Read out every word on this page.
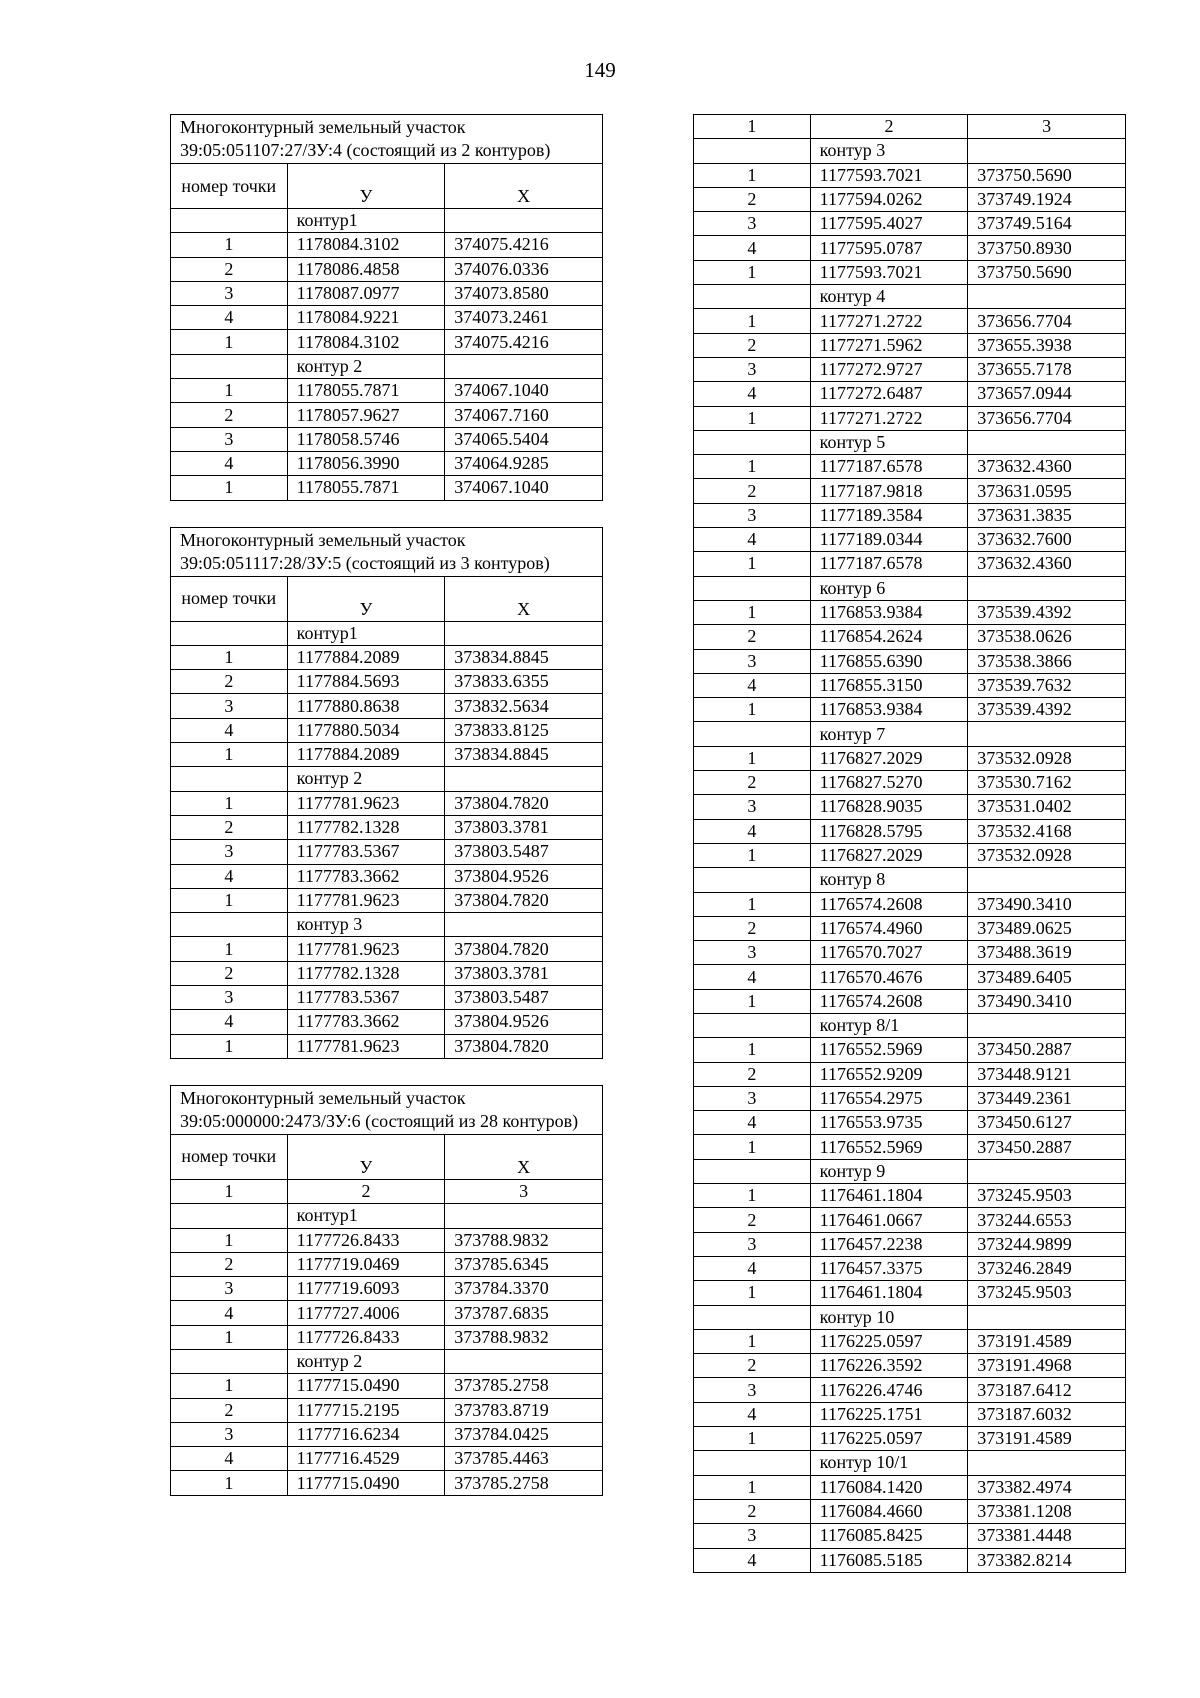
149
Многоконтурный земельный участок 39:05:051107:27/ЗУ:4 (состоящий из 2 контуров)		
номер точки	У	Х
	контур1	
1	1178084.3102	374075.4216
2	1178086.4858	374076.0336
3	1178087.0977	374073.8580
4	1178084.9221	374073.2461
1	1178084.3102	374075.4216
	контур 2	
1	1178055.7871	374067.1040
2	1178057.9627	374067.7160
3	1178058.5746	374065.5404
4	1178056.3990	374064.9285
1	1178055.7871	374067.1040
Многоконтурный земельный участок 39:05:051117:28/ЗУ:5 (состоящий из 3 контуров)		
номер точки	У	Х
	контур1	
1	1177884.2089	373834.8845
2	1177884.5693	373833.6355
3	1177880.8638	373832.5634
4	1177880.5034	373833.8125
1	1177884.2089	373834.8845
	контур 2	
1	1177781.9623	373804.7820
2	1177782.1328	373803.3781
3	1177783.5367	373803.5487
4	1177783.3662	373804.9526
1	1177781.9623	373804.7820
	контур 3	
1	1177781.9623	373804.7820
2	1177782.1328	373803.3781
3	1177783.5367	373803.5487
4	1177783.3662	373804.9526
1	1177781.9623	373804.7820
Многоконтурный земельный участок 39:05:000000:2473/ЗУ:6 (состоящий из 28 контуров)		
номер точки	У	Х
1	2	3
	контур1	
1	1177726.8433	373788.9832
2	1177719.0469	373785.6345
3	1177719.6093	373784.3370
4	1177727.4006	373787.6835
1	1177726.8433	373788.9832
	контур 2	
1	1177715.0490	373785.2758
2	1177715.2195	373783.8719
3	1177716.6234	373784.0425
4	1177716.4529	373785.4463
1	1177715.0490	373785.2758
1	2	3
	контур 3	
1	1177593.7021	373750.5690
2	1177594.0262	373749.1924
3	1177595.4027	373749.5164
4	1177595.0787	373750.8930
1	1177593.7021	373750.5690
	контур 4	
1	1177271.2722	373656.7704
2	1177271.5962	373655.3938
3	1177272.9727	373655.7178
4	1177272.6487	373657.0944
1	1177271.2722	373656.7704
	контур 5	
1	1177187.6578	373632.4360
2	1177187.9818	373631.0595
3	1177189.3584	373631.3835
4	1177189.0344	373632.7600
1	1177187.6578	373632.4360
	контур 6	
1	1176853.9384	373539.4392
2	1176854.2624	373538.0626
3	1176855.6390	373538.3866
4	1176855.3150	373539.7632
1	1176853.9384	373539.4392
	контур 7	
1	1176827.2029	373532.0928
2	1176827.5270	373530.7162
3	1176828.9035	373531.0402
4	1176828.5795	373532.4168
1	1176827.2029	373532.0928
	контур 8	
1	1176574.2608	373490.3410
2	1176574.4960	373489.0625
3	1176570.7027	373488.3619
4	1176570.4676	373489.6405
1	1176574.2608	373490.3410
	контур 8/1	
1	1176552.5969	373450.2887
2	1176552.9209	373448.9121
3	1176554.2975	373449.2361
4	1176553.9735	373450.6127
1	1176552.5969	373450.2887
	контур 9	
1	1176461.1804	373245.9503
2	1176461.0667	373244.6553
3	1176457.2238	373244.9899
4	1176457.3375	373246.2849
1	1176461.1804	373245.9503
	контур 10	
1	1176225.0597	373191.4589
2	1176226.3592	373191.4968
3	1176226.4746	373187.6412
4	1176225.1751	373187.6032
1	1176225.0597	373191.4589
	контур 10/1	
1	1176084.1420	373382.4974
2	1176084.4660	373381.1208
3	1176085.8425	373381.4448
4	1176085.5185	373382.8214
